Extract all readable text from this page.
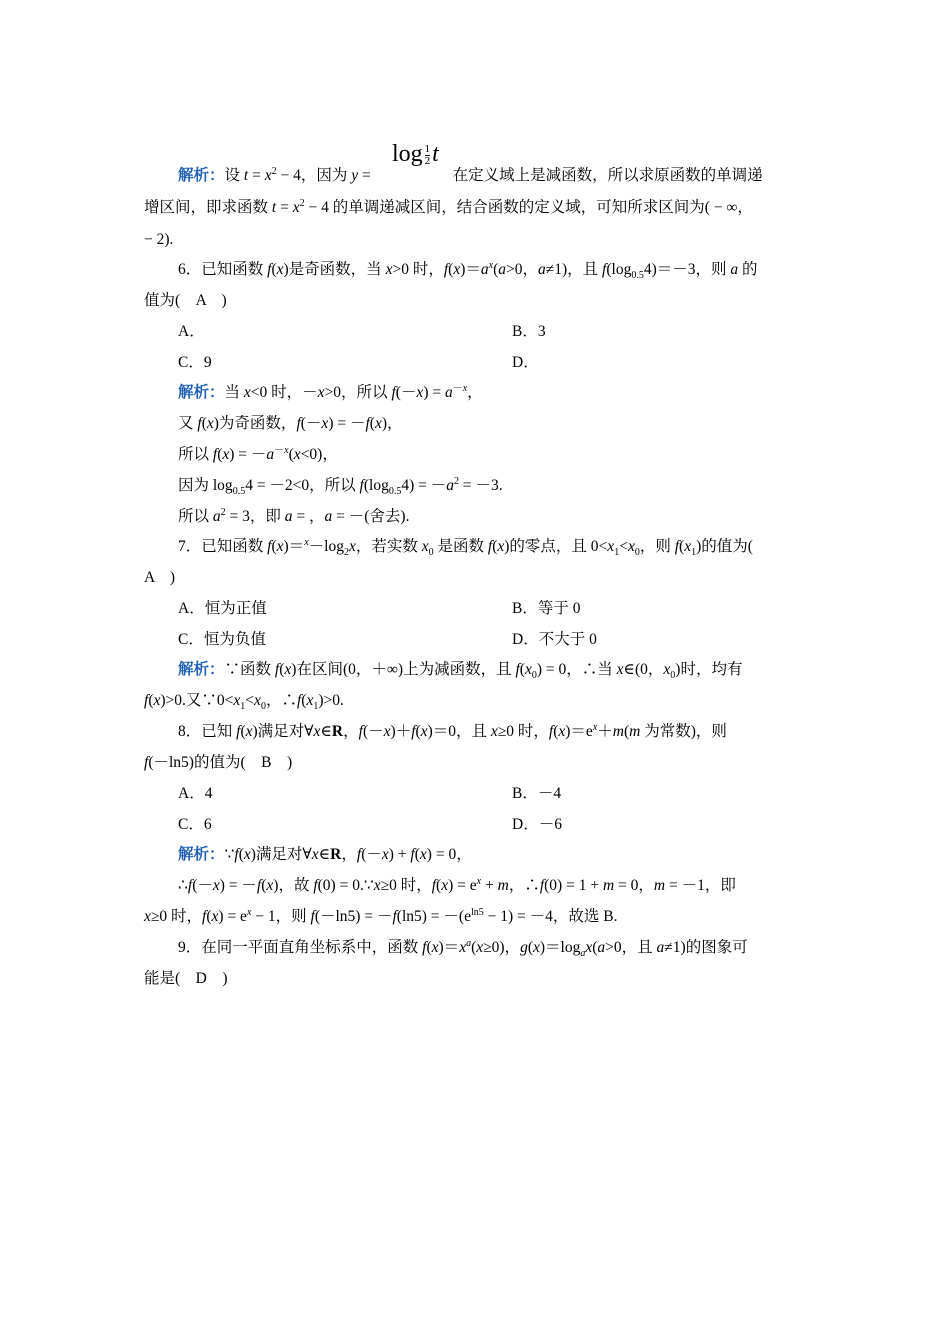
$\log \frac{1}{2}$ t
解析：设 $t = x^2 - 4$，因为 y =	在定义域上是减函数，所以求原函数的单调递
增区间，即求函数 $t = x^2 - 4$ 的单调递减区间，结合函数的定义域，可知所求区间为( − ∞，
− 2).
6．已知函数 f(x)是奇函数，当 x>0 时，$f(x)=a^x(a>0$，a≠1)，且 $f(\log_{0.5}4)=-3$，则 a 的
值为(　A　)
A．	B．3
C．9	D．
解析：当 x<0 时，－x>0，所以 $f(-x) = a^{-x}$，
又 f(x)为奇函数，f(－x) = －f(x)，
所以 $f(x) = -a^{-x}(x<0)$，
因为 $\log_{0.5}4 = -2<0$，所以 $f(\log_{0.5}4) = -a^2 = -3$.
所以 $a^2 = 3$，即 a = ，a = －(舍去).
7．已知函数 $f(x)=^x-\log_2x$，若实数 $x_0$ 是函数 f(x)的零点，且 $0<x_1<x_0$，则 $f(x_1)$的值为(
A　)
A．恒为正值	B．等于 0
C．恒为负值	D．不大于 0
解析：∵函数 f(x)在区间(0，＋∞)上为减函数，且 $f(x_0) = 0$，∴当 x∈(0，$x_0$)时，均有
f(x)>0.又$\because 0<x_1<x_0$，$\therefore f(x_1)>0$.
8．已知 f(x)满足对∀x∈R，f(－x)＋f(x)＝0，且 x≥0 时，$f(x)=e^x+m(m$ 为常数)，则
f(－ln5)的值为(　B　)
A．4	B．－4
C．6	D．－6
解析：∵f(x)满足对∀x∈R，f(－x) + f(x) = 0，
∴f(－x) = －f(x)，故 f(0) = 0.∵x≥0 时，$f(x) = e^x + m$，∴f(0) = 1 + m = 0，m = －1，即
x≥0 时，$f(x) = e^x - 1$，则 $f(-\ln 5) = -f(\ln 5) = -(e^{ln5} - 1) = -4$，故选 B.
9．在同一平面直角坐标系中，函数 $f(x)=x^a(x\ge 0)$，$g(x)=\log_ax(a>0$，且 a≠1)的图象可
能是(　D　)
